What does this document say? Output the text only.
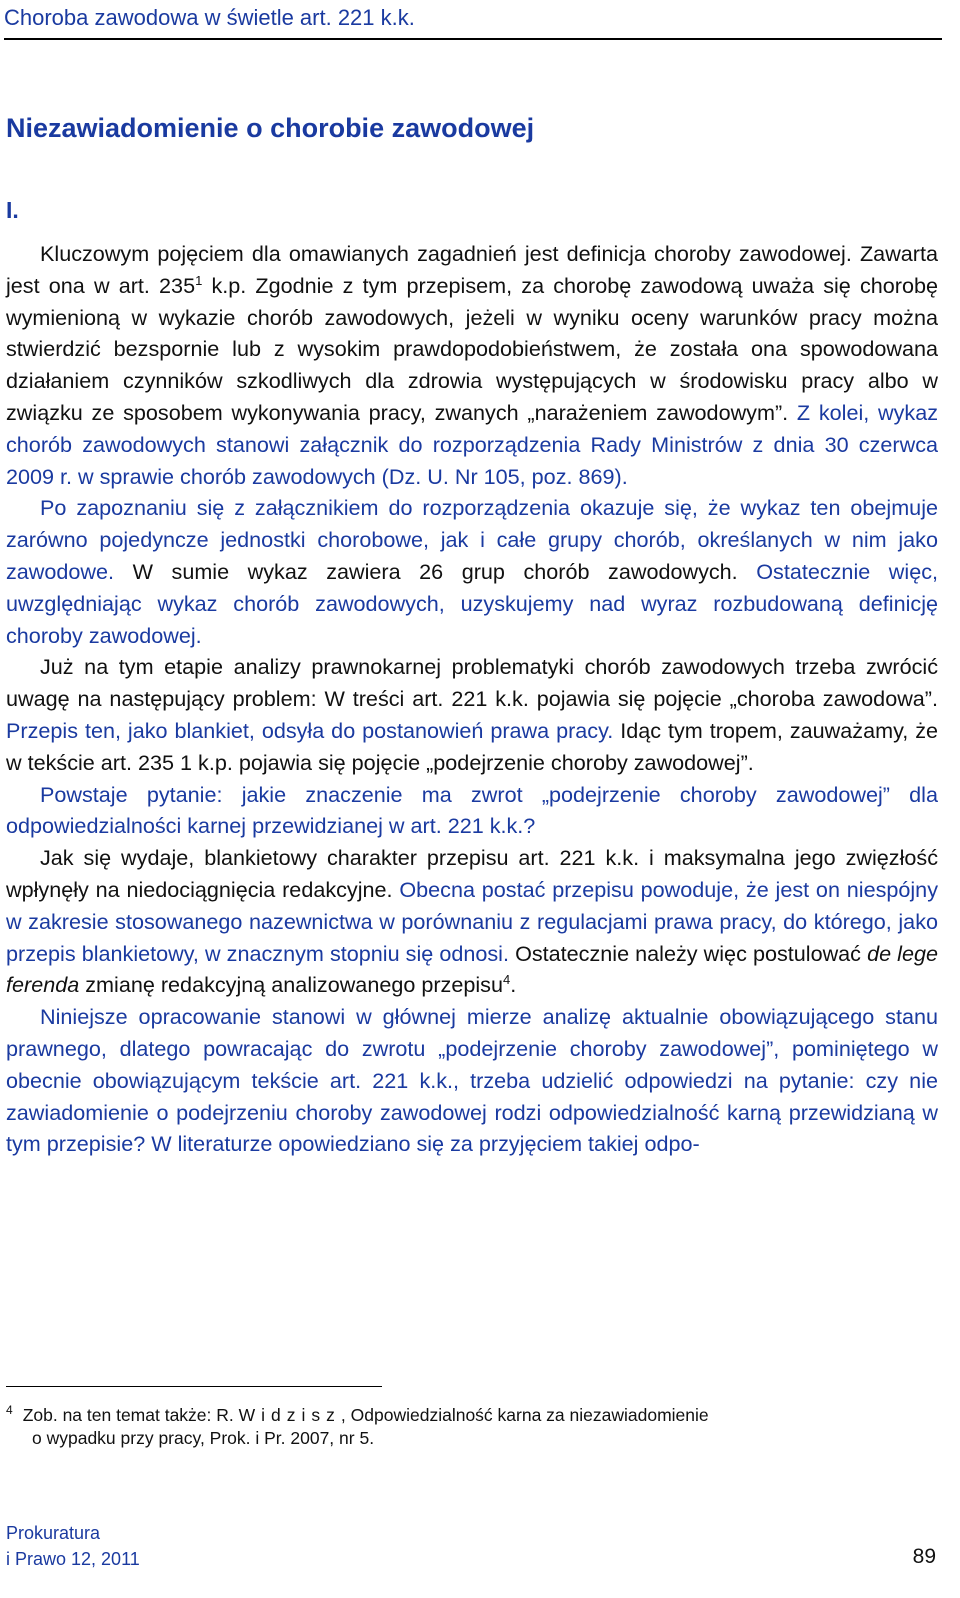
Choroba zawodowa w świetle art. 221 k.k.
Niezawiadomienie o chorobie zawodowej
I.

Kluczowym pojęciem dla omawianych zagadnień jest definicja choroby zawodowej. Zawarta jest ona w art. $235^1$ k.p. Zgodnie z tym przepisem, za chorobę zawodową uważa się chorobę wymienioną w wykazie chorób zawodowych, jeżeli w wyniku oceny warunków pracy można stwierdzić bezspornie lub z wysokim prawdopodobieństwem, że została ona spowodowana działaniem czynników szkodliwych dla zdrowia występujących w środowisku pracy albo w związku ze sposobem wykonywania pracy, zwanych „narażeniem zawodowym”. Z kolei, wykaz chorób zawodowych stanowi załącznik do rozporządzenia Rady Ministrów z dnia 30 czerwca 2009 r. w sprawie chorób zawodowych (Dz. U. Nr 105, poz. 869).

Po zapoznaniu się z załącznikiem do rozporządzenia okazuje się, że wykaz ten obejmuje zarówno pojedyncze jednostki chorobowe, jak i całe grupy chorób, określanych w nim jako zawodowe. W sumie wykaz zawiera 26 grup chorób zawodowych. Ostatecznie więc, uwzględniając wykaz chorób zawodowych, uzyskujemy nad wyraz rozbudowaną definicję choroby zawodowej.

Już na tym etapie analizy prawnokarnej problematyki chorób zawodowych trzeba zwrócić uwagę na następujący problem: W treści art. 221 k.k. pojawia się pojęcie „choroba zawodowa”. Przepis ten, jako blankiet, odsyła do postanowień prawa pracy. Idąc tym tropem, zauważamy, że w tekście art. 235 1 k.p. pojawia się pojęcie „podejrzenie choroby zawodowej”.

Powstaje pytanie: jakie znaczenie ma zwrot „podejrzenie choroby zawodowej” dla odpowiedzialności karnej przewidzianej w art. 221 k.k.?

Jak się wydaje, blankietowy charakter przepisu art. 221 k.k. i maksymalna jego zwięzłość wpłynęły na niedociągnięcia redakcyjne. Obecna postać przepisu powoduje, że jest on niespójny w zakresie stosowanego nazewnictwa w porównaniu z regulacjami prawa pracy, do którego, jako przepis blankietowy, w znacznym stopniu się odnosi. Ostatecznie należy więc postulować de lege ferenda zmianę redakcyjną analizowanego przepisu$^4$.

Niniejsze opracowanie stanowi w głównej mierze analizę aktualnie obowiązującego stanu prawnego, dlatego powracając do zwrotu „podejrzenie choroby zawodowej”, pominiętego w obecnie obowiązującym tekście art. 221 k.k., trzeba udzielić odpowiedzi na pytanie: czy nie zawiadomienie o podejrzeniu choroby zawodowej rodzi odpowiedzialność karną przewidzianą w tym przepisie? W literaturze opowiedziano się za przyjęciem takiej odpo-

$^4$ Zob. na ten temat także: R. Widzisz, Odpowiedzialność karna za niezawiadomienie
o wypadku przy pracy, Prok. i Pr. 2007, nr 5.
Prokuratura
i Prawo 12, 2011	89
